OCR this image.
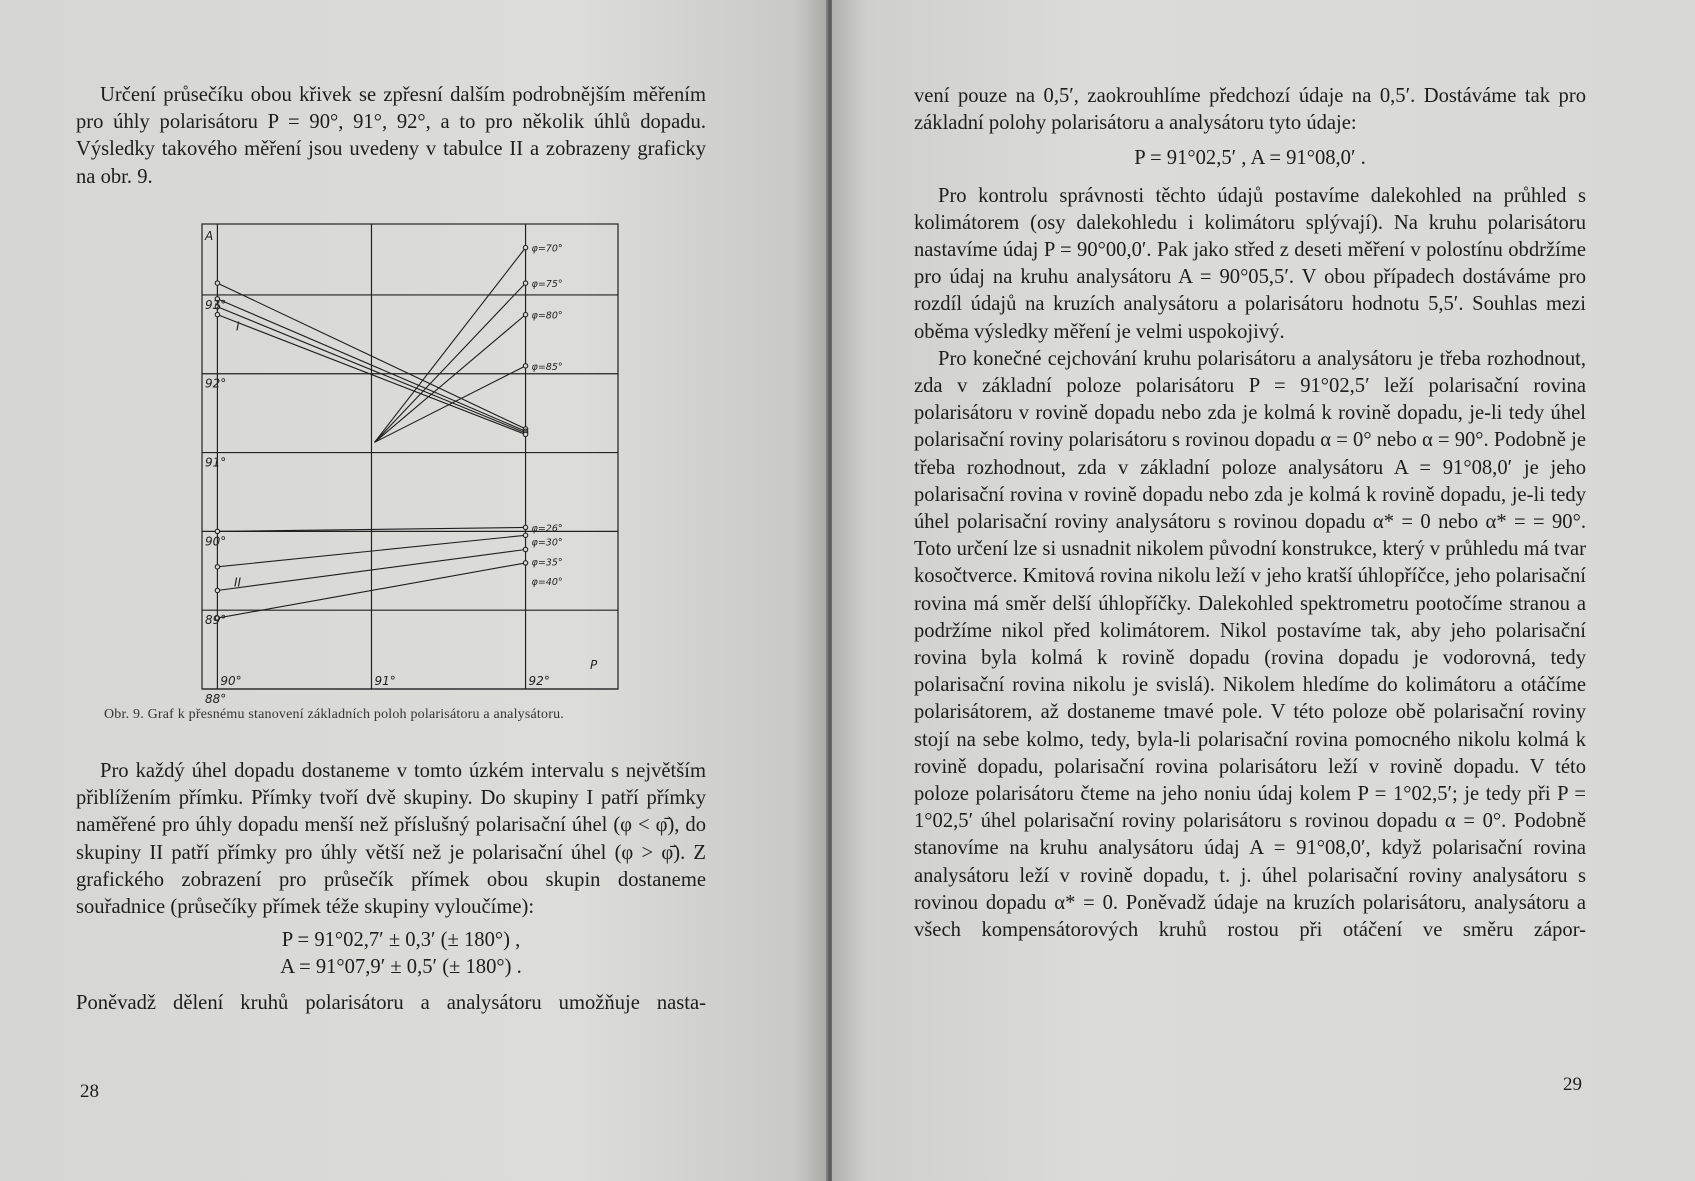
Určení průsečíku obou křivek se zpřesní dalším podrobnějším měřením pro úhly polarisátoru P = 90°, 91°, 92°, a to pro několik úhlů dopadu. Výsledky takového měření jsou uvedeny v tabulce II a zobrazeny graficky na obr. 9.

93°
92°
91°
90°
89°
88°
90°	91°	92°
A
P
I
II
φ=70°
φ=75°
φ=80°
φ=85°
φ=26°
φ=30°
φ=35°
φ=40°
Obr. 9. Graf k přesnému stanovení základních poloh polarisátoru a analysátoru.

Pro každý úhel dopadu dostaneme v tomto úzkém intervalu s největším přiblížením přímku. Přímky tvoří dvě skupiny. Do skupiny I patří přímky naměřené pro úhly dopadu menší než příslušný polarisační úhel (φ < φ̄), do skupiny II patří přímky pro úhly větší než je polarisační úhel (φ > φ̄). Z grafického zobrazení pro průsečík přímek obou skupin dostaneme souřadnice (průsečíky přímek téže skupiny vyloučíme):

P = 91°02,7′ ± 0,3′ (± 180°) ,

A = 91°07,9′ ± 0,5′ (± 180°) .

Poněvadž dělení kruhů polarisátoru a analysátoru umožňuje nasta-

28

vení pouze na 0,5′, zaokrouhlíme předchozí údaje na 0,5′. Dostáváme tak pro základní polohy polarisátoru a analysátoru tyto údaje:

P = 91°02,5′ , A = 91°08,0′ .

Pro kontrolu správnosti těchto údajů postavíme dalekohled na průhled s kolimátorem (osy dalekohledu i kolimátoru splývají). Na kruhu polarisátoru nastavíme údaj P = 90°00,0′. Pak jako střed z deseti měření v polostínu obdržíme pro údaj na kruhu analysátoru A = 90°05,5′. V obou případech dostáváme pro rozdíl údajů na kruzích analysátoru a polarisátoru hodnotu 5,5′. Souhlas mezi oběma výsledky měření je velmi uspokojivý.

Pro konečné cejchování kruhu polarisátoru a analysátoru je třeba rozhodnout, zda v základní poloze polarisátoru P = 91°02,5′ leží polarisační rovina polarisátoru v rovině dopadu nebo zda je kolmá k rovině dopadu, je-li tedy úhel polarisační roviny polarisátoru s rovinou dopadu α = 0° nebo α = 90°. Podobně je třeba rozhodnout, zda v základní poloze analysátoru A = 91°08,0′ je jeho polarisační rovina v rovině dopadu nebo zda je kolmá k rovině dopadu, je-li tedy úhel polarisační roviny analysátoru s rovinou dopadu α* = 0 nebo α* = = 90°. Toto určení lze si usnadnit nikolem původní konstrukce, který v průhledu má tvar kosočtverce. Kmitová rovina nikolu leží v jeho kratší úhlopříčce, jeho polarisační rovina má směr delší úhlopříčky. Dalekohled spektrometru pootočíme stranou a podržíme nikol před kolimátorem. Nikol postavíme tak, aby jeho polarisační rovina byla kolmá k rovině dopadu (rovina dopadu je vodorovná, tedy polarisační rovina nikolu je svislá). Nikolem hledíme do kolimátoru a otáčíme polarisátorem, až dostaneme tmavé pole. V této poloze obě polarisační roviny stojí na sebe kolmo, tedy, byla-li polarisační rovina pomocného nikolu kolmá k rovině dopadu, polarisační rovina polarisátoru leží v rovině dopadu. V této poloze polarisátoru čteme na jeho noniu údaj kolem P = 1°02,5′; je tedy při P = 1°02,5′ úhel polarisační roviny polarisátoru s rovinou dopadu α = 0°. Podobně stanovíme na kruhu analysátoru údaj A = 91°08,0′, když polarisační rovina analysátoru leží v rovině dopadu, t. j. úhel polarisační roviny analysátoru s rovinou dopadu α* = 0. Poněvadž údaje na kruzích polarisátoru, analysátoru a všech kompensátorových kruhů rostou při otáčení ve směru zápor-

29
